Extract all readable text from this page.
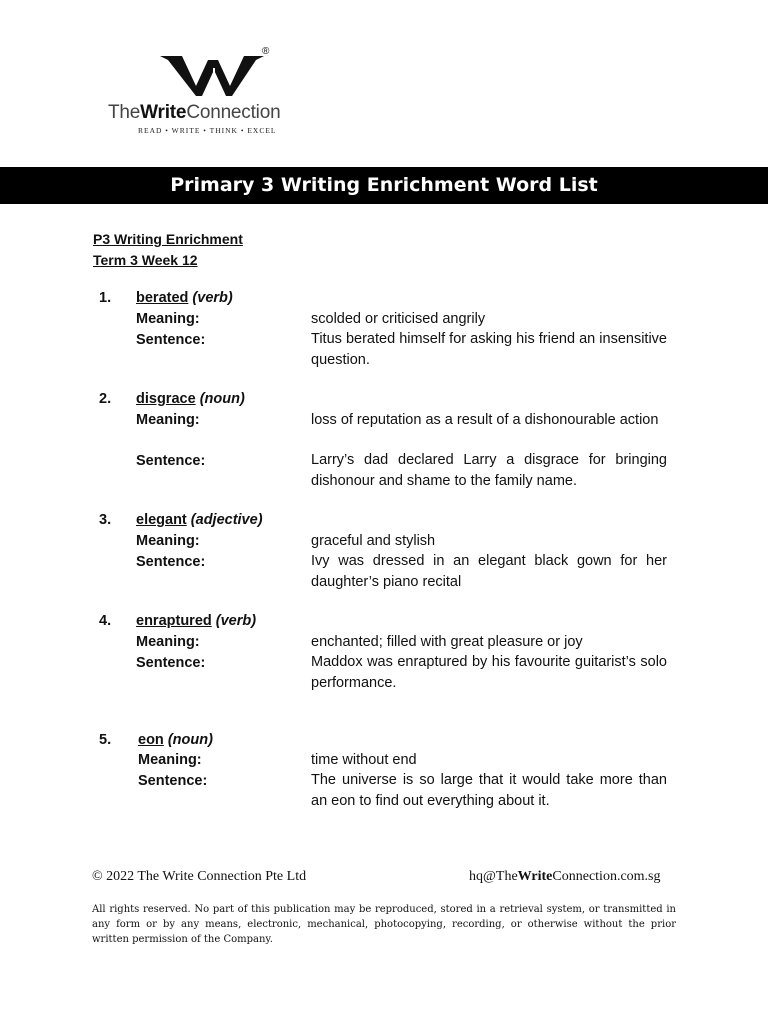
®
TheWriteConnection
READ • WRITE • THINK • EXCEL
Primary 3 Writing Enrichment Word List
P3 Writing Enrichment
Term 3 Week 12
1. berated (verb)
Meaning:	scolded or criticised angrily
Sentence:	Titus berated himself for asking his friend an insensitive question.
2. disgrace (noun)
Meaning:	loss of reputation as a result of a dishonourable action
Sentence:	Larry’s dad declared Larry a disgrace for bringing dishonour and shame to the family name.
3. elegant (adjective)
Meaning:	graceful and stylish
Sentence:	Ivy was dressed in an elegant black gown for her daughter’s piano recital
4. enraptured (verb)
Meaning:	enchanted; filled with great pleasure or joy
Sentence:	Maddox was enraptured by his favourite guitarist’s solo performance.
5. eon (noun)
Meaning:	time without end
Sentence:	The universe is so large that it would take more than an eon to find out everything about it.
© 2022 The Write Connection Pte Ltd	hq@TheWriteConnection.com.sg
All rights reserved. No part of this publication may be reproduced, stored in a retrieval system, or transmitted in any form or by any means, electronic, mechanical, photocopying, recording, or otherwise without the prior written permission of the Company.
